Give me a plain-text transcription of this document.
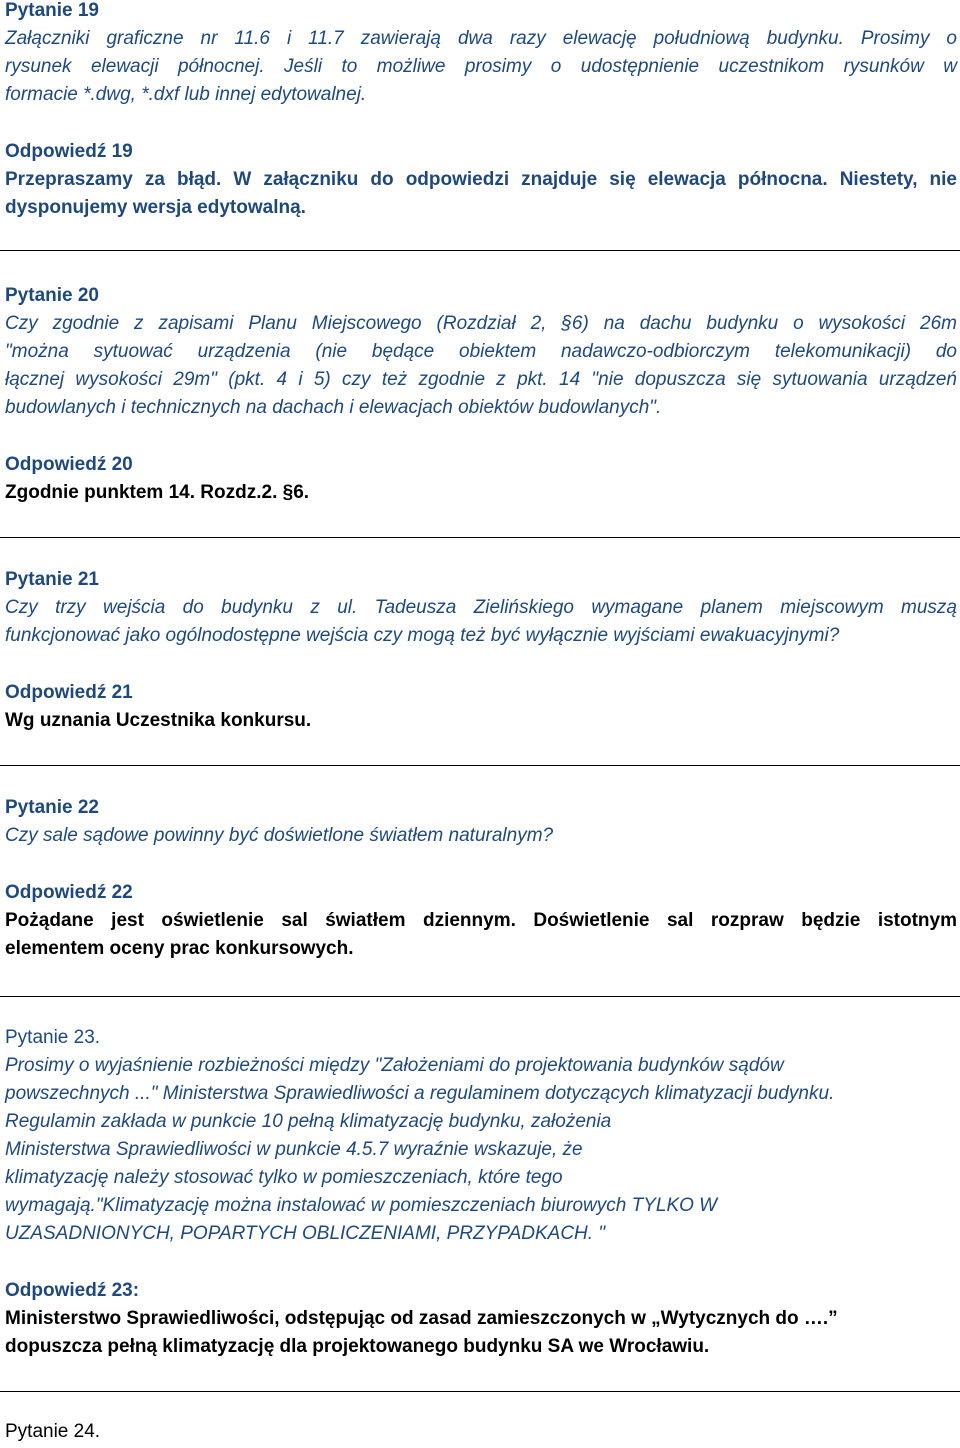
Pytanie 19

Załączniki graficzne nr 11.6 i 11.7 zawierają dwa razy elewację południową budynku. Prosimy o

rysunek elewacji północnej. Jeśli to możliwe prosimy o udostępnienie uczestnikom rysunków w

formacie *.dwg, *.dxf lub innej edytowalnej.

Odpowiedź 19

Przepraszamy za błąd. W załączniku do odpowiedzi znajduje się elewacja północna. Niestety, nie

dysponujemy wersja edytowalną.

Pytanie 20

Czy zgodnie z zapisami Planu Miejscowego (Rozdział 2, §6) na dachu budynku o wysokości 26m

"można sytuować urządzenia (nie będące obiektem nadawczo-odbiorczym telekomunikacji) do

łącznej wysokości 29m" (pkt. 4 i 5) czy też zgodnie z pkt. 14 "nie dopuszcza się sytuowania urządzeń

budowlanych i technicznych na dachach i elewacjach obiektów budowlanych".

Odpowiedź 20

Zgodnie punktem 14. Rozdz.2. §6.

Pytanie 21

Czy trzy wejścia do budynku z ul. Tadeusza Zielińskiego wymagane planem miejscowym muszą

funkcjonować jako ogólnodostępne wejścia czy mogą też być wyłącznie wyjściami ewakuacyjnymi?

Odpowiedź 21

Wg uznania Uczestnika konkursu.

Pytanie 22

Czy sale sądowe powinny być doświetlone światłem naturalnym?

Odpowiedź 22

Pożądane jest oświetlenie sal światłem dziennym. Doświetlenie sal rozpraw będzie istotnym

elementem oceny prac konkursowych.

Pytanie 23.

Prosimy o wyjaśnienie rozbieżności między "Założeniami do projektowania budynków sądów

powszechnych ..." Ministerstwa Sprawiedliwości a regulaminem dotyczących klimatyzacji budynku.

Regulamin zakłada w punkcie 10 pełną klimatyzację budynku, założenia

Ministerstwa Sprawiedliwości w punkcie 4.5.7 wyraźnie wskazuje, że

klimatyzację należy stosować tylko w pomieszczeniach, które tego

wymagają."Klimatyzację można instalować w pomieszczeniach biurowych TYLKO W

UZASADNIONYCH, POPARTYCH OBLICZENIAMI, PRZYPADKACH. "

Odpowiedź 23:

Ministerstwo Sprawiedliwości, odstępując od zasad zamieszczonych w „Wytycznych do ….”

dopuszcza pełną klimatyzację dla projektowanego budynku SA we Wrocławiu.

Pytanie 24.
